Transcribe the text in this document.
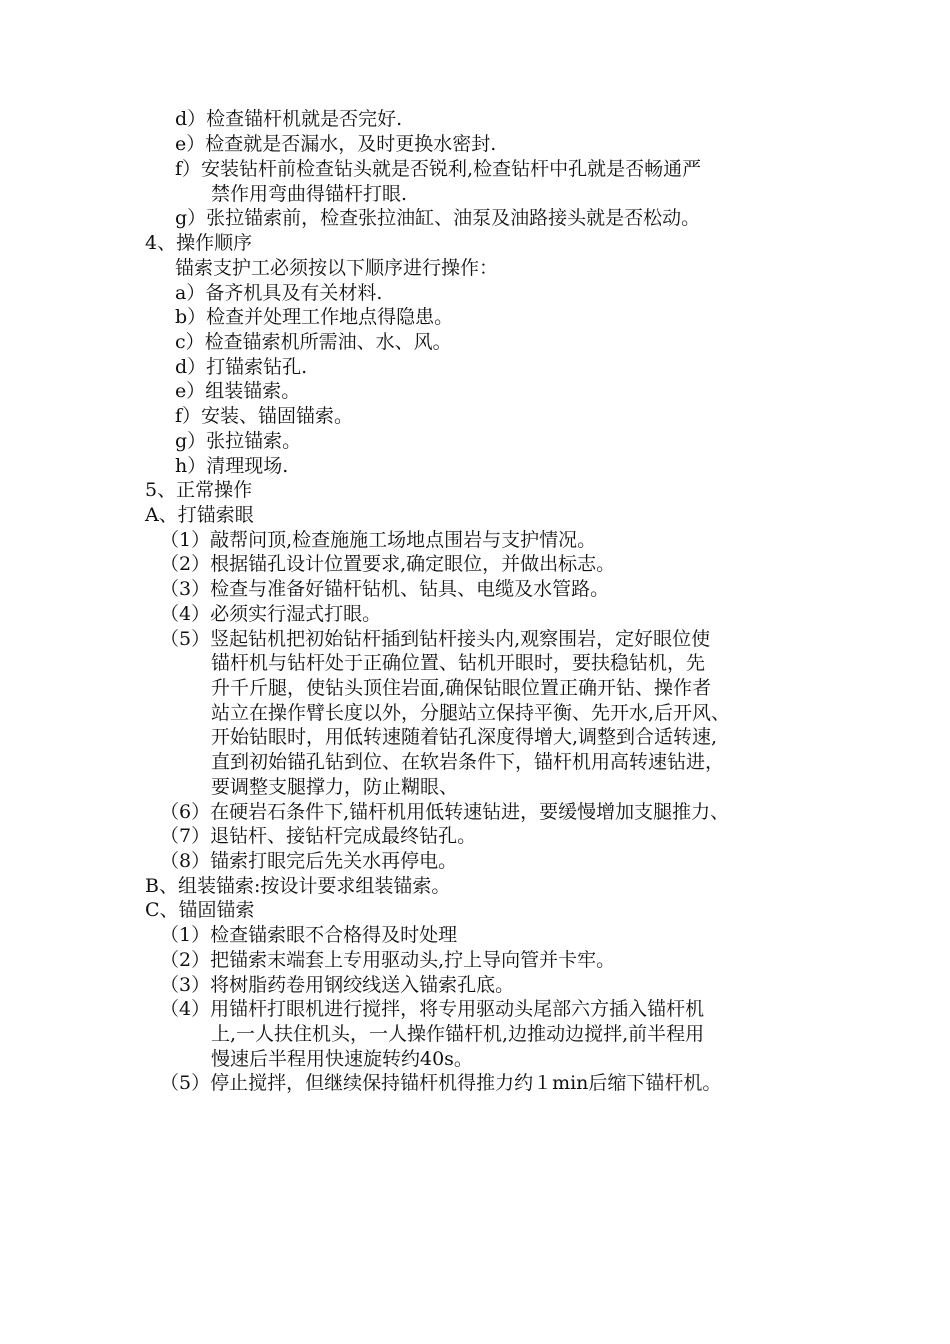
d）检查锚杆机就是否完好.
e）检查就是否漏水，及时更换水密封.
f）安装钻杆前检查钻头就是否锐利,检查钻杆中孔就是否畅通严
禁作用弯曲得锚杆打眼.
g）张拉锚索前，检查张拉油缸、油泵及油路接头就是否松动。
4、操作顺序
锚索支护工必须按以下顺序进行操作：
a）备齐机具及有关材料.
b）检查并处理工作地点得隐患。
c）检查锚索机所需油、水、风。
d）打锚索钻孔.
e）组装锚索。
f）安装、锚固锚索。
g）张拉锚索。
h）清理现场.
5、正常操作
A、打锚索眼
（1）敲帮问顶,检查施施工场地点围岩与支护情况。
（2）根据锚孔设计位置要求,确定眼位，并做出标志。
（3）检查与准备好锚杆钻机、钻具、电缆及水管路。
（4）必须实行湿式打眼。
（5）竖起钻机把初始钻杆插到钻杆接头内,观察围岩，定好眼位使
锚杆机与钻杆处于正确位置、钻机开眼时，要扶稳钻机，先
升千斤腿，使钻头顶住岩面,确保钻眼位置正确开钻、操作者
站立在操作臂长度以外，分腿站立保持平衡、先开水,后开风、
开始钻眼时，用低转速随着钻孔深度得增大,调整到合适转速,
直到初始锚孔钻到位、在软岩条件下，锚杆机用高转速钻进，
要调整支腿撑力，防止糊眼、
（6）在硬岩石条件下,锚杆机用低转速钻进，要缓慢增加支腿推力、
（7）退钻杆、接钻杆完成最终钻孔。
（8）锚索打眼完后先关水再停电。
B、组装锚索:按设计要求组装锚索。
C、锚固锚索
（1）检查锚索眼不合格得及时处理
（2）把锚索末端套上专用驱动头,拧上导向管并卡牢。
（3）将树脂药卷用钢绞线送入锚索孔底。
（4）用锚杆打眼机进行搅拌，将专用驱动头尾部六方插入锚杆机
上,一人扶住机头，一人操作锚杆机,边推动边搅拌,前半程用
慢速后半程用快速旋转约40s。
（5）停止搅拌，但继续保持锚杆机得推力约１min后缩下锚杆机。
